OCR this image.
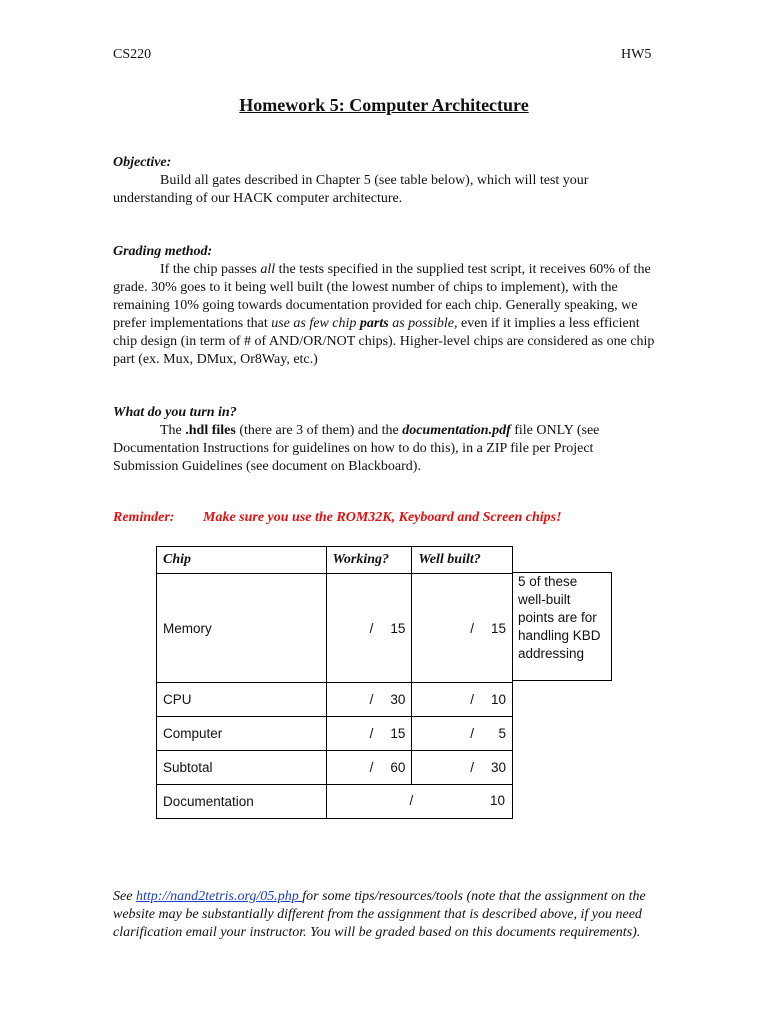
CS220	HW5
Homework 5: Computer Architecture
Objective:
Build all gates described in Chapter 5 (see table below), which will test your
understanding of our HACK computer architecture.
Grading method:
If the chip passes all the tests specified in the supplied test script, it receives 60% of the grade. 30% goes to it being well built (the lowest number of chips to implement), with the remaining 10% going towards documentation provided for each chip. Generally speaking, we prefer implementations that use as few chip parts as possible, even if it implies a less efficient chip design (in term of # of AND/OR/NOT chips). Higher-level chips are considered as one chip part (ex. Mux, DMux, Or8Way, etc.)
What do you turn in?
The .hdl files (there are 3 of them) and the documentation.pdf file ONLY (see Documentation Instructions for guidelines on how to do this), in a ZIP file per Project Submission Guidelines (see document on Blackboard).
Reminder: Make sure you use the ROM32K, Keyboard and Screen chips!
Chip	Working?	Well built?
Memory	/ 15	/ 15

CPU	/ 30	/ 10

Computer	/ 15	/ 5

Subtotal	/ 60	/ 30

Documentation	/ 10	
5 of these well-built points are for handling KBD addressing
See http://nand2tetris.org/05.php for some tips/resources/tools (note that the assignment on the website may be substantially different from the assignment that is described above, if you need clarification email your instructor. You will be graded based on this documents requirements).
